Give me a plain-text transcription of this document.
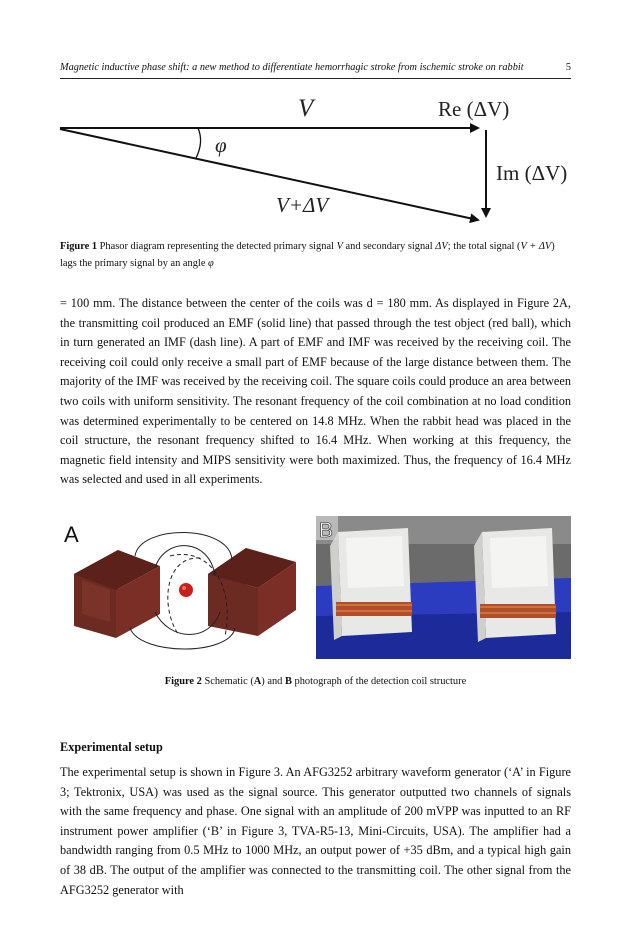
Magnetic inductive phase shift: a new method to differentiate hemorrhagic stroke from ischemic stroke on rabbit	5
V	Re (ΔV)
φ
Im (ΔV)
V+ΔV
Figure 1 Phasor diagram representing the detected primary signal V and secondary signal ΔV; the total signal (V + ΔV) lags the primary signal by an angle φ
= 100 mm. The distance between the center of the coils was d = 180 mm. As displayed in Figure 2A, the transmitting coil produced an EMF (solid line) that passed through the test object (red ball), which in turn generated an IMF (dash line). A part of EMF and IMF was received by the receiving coil. The receiving coil could only receive a small part of EMF because of the large distance between them. The majority of the IMF was received by the receiving coil. The square coils could produce an area between two coils with uniform sensitivity. The resonant frequency of the coil combination at no load condition was determined experimentally to be centered on 14.8 MHz. When the rabbit head was placed in the coil structure, the resonant frequency shifted to 16.4 MHz. When working at this frequency, the magnetic field intensity and MIPS sensitivity were both maximized. Thus, the frequency of 16.4 MHz was selected and used in all experiments.
A	B
Figure 2 Schematic (A) and B photograph of the detection coil structure
Experimental setup
The experimental setup is shown in Figure 3. An AFG3252 arbitrary waveform generator (‘A’ in Figure 3; Tektronix, USA) was used as the signal source. This generator outputted two channels of signals with the same frequency and phase. One signal with an amplitude of 200 mVPP was inputted to an RF instrument power amplifier (‘B’ in Figure 3, TVA-R5-13, Mini-Circuits, USA). The amplifier had a bandwidth ranging from 0.5 MHz to 1000 MHz, an output power of +35 dBm, and a typical high gain of 38 dB. The output of the amplifier was connected to the transmitting coil. The other signal from the AFG3252 generator with
